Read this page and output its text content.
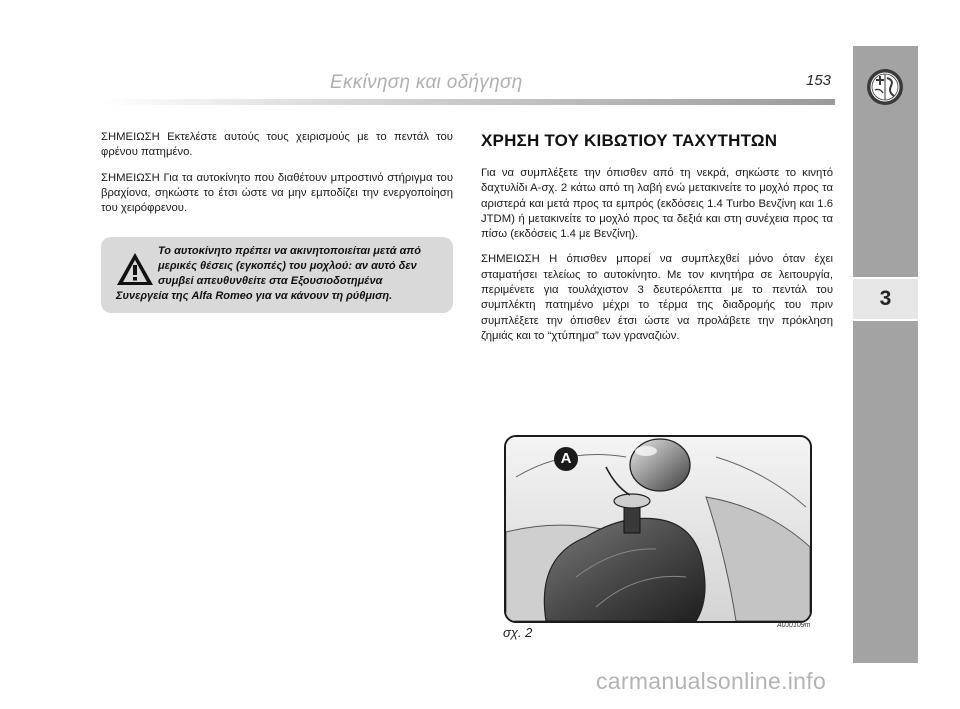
Εκκίνηση και οδήγηση	153
3

ΣΗΜΕΙΩΣΗ Εκτελέστε αυτούς τους χειρισμούς με το πεντάλ του φρένου πατημένο.

ΣΗΜΕΙΩΣΗ Για τα αυτοκίνητο που διαθέτουν μπροστινό στήριγμα του βραχίονα, σηκώστε το έτσι ώστε να μην εμποδίζει την ενεργοποίηση του χειρόφρενου.

Το αυτοκίνητο πρέπει να ακινητοποιείται μετά από
μερικές θέσεις (εγκοπές) του μοχλού: αν αυτό δεν
συμβεί απευθυνθείτε στα Εξουσιοδοτημένα
Συνεργεία της Alfa Romeo για να κάνουν τη ρύθμιση.
ΧΡΗΣΗ ΤΟΥ ΚΙΒΩΤΙΟΥ ΤΑΧΥΤΗΤΩΝ

Για να συμπλέξετε την όπισθεν από τη νεκρά, σηκώστε το κινητό δαχτυλίδι Α-σχ. 2 κάτω από τη λαβή ενώ μετακινείτε το μοχλό προς τα αριστερά και μετά προς τα εμπρός (εκδόσεις 1.4 Turbo Βενζίνη και 1.6 JTDM) ή μετακινείτε το μοχλό προς τα δεξιά και στη συνέχεια προς τα πίσω (εκδόσεις 1.4 με Βενζίνη).

ΣΗΜΕΙΩΣΗ Η όπισθεν μπορεί να συμπλεχθεί μόνο όταν έχει σταματήσει τελείως το αυτοκίνητο. Με τον κινητήρα σε λειτουργία, περιμένετε για τουλάχιστον 3 δευτερόλεπτα με το πεντάλ του συμπλέκτη πατημένο μέχρι το τέρμα της διαδρομής του πριν συμπλέξετε την όπισθεν έτσι ώστε να προλάβετε την πρόκληση ζημιάς και το “χτύπημα” των γραναζιών.

A
σχ. 2	A0J0109m
carmanualsonline.info
